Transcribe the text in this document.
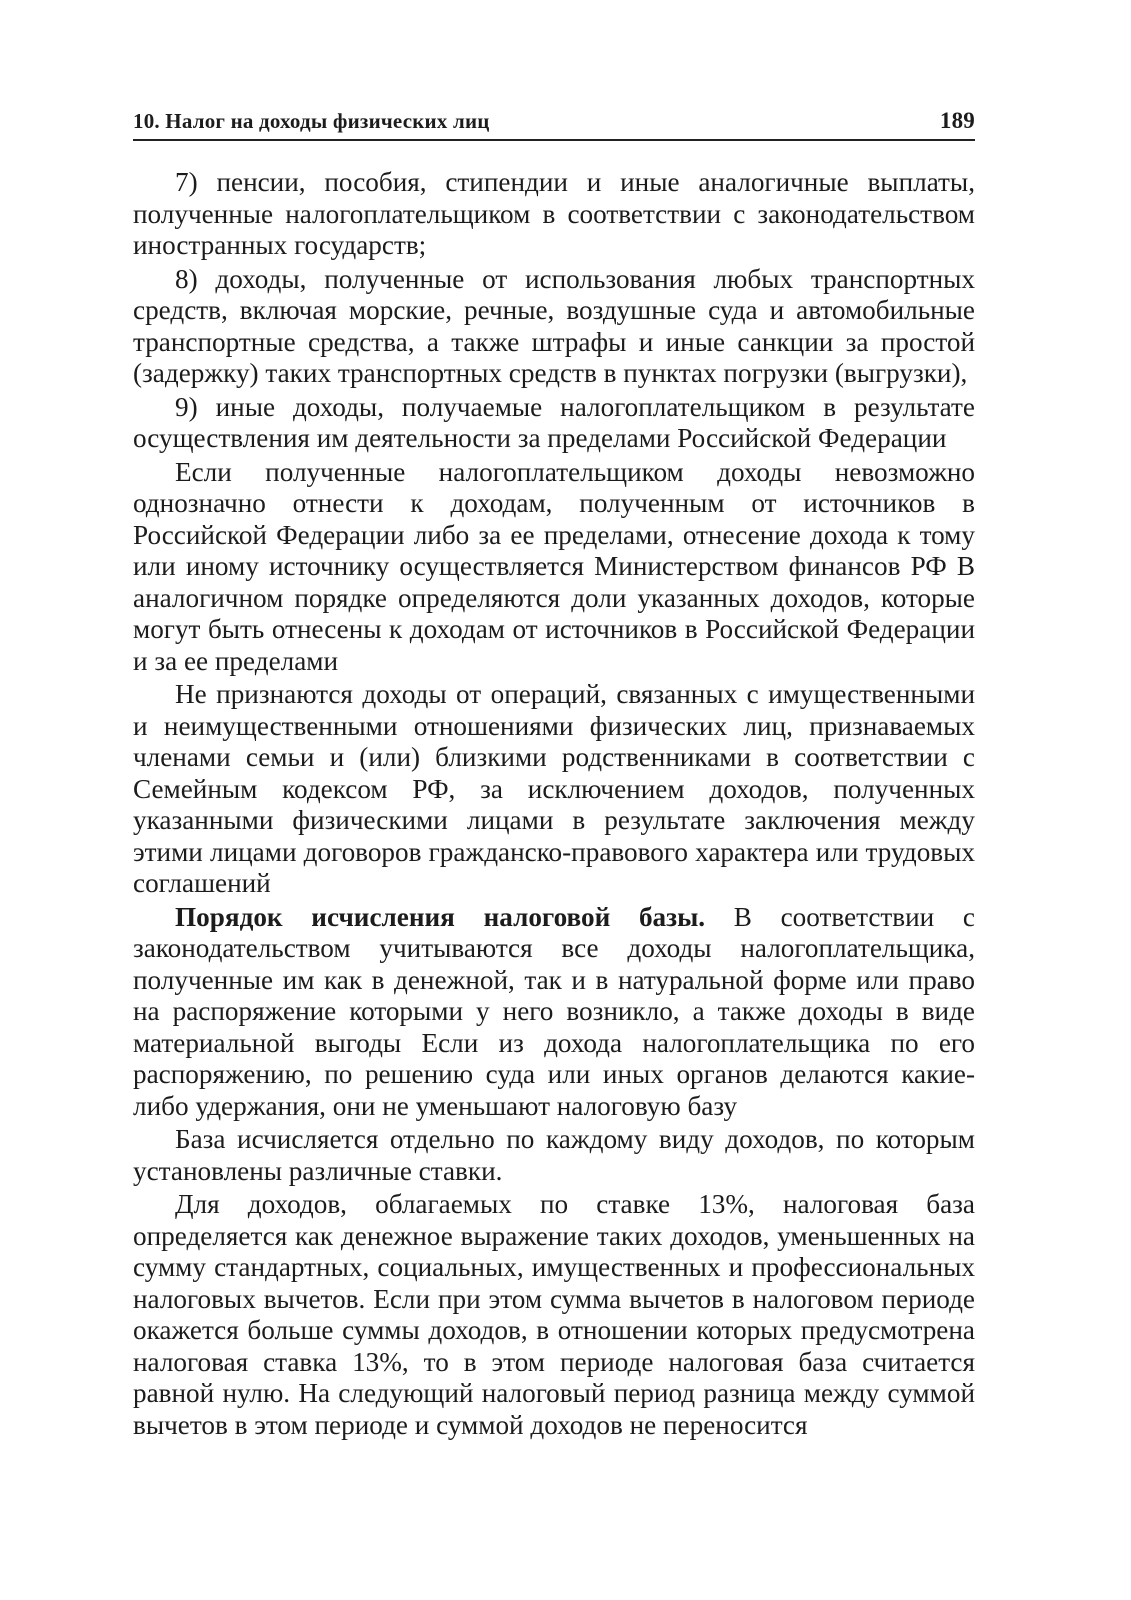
10. Налог на доходы физических лиц	189

7) пенсии, пособия, стипендии и иные аналогичные выплаты, полученные налогоплательщиком в соответствии с законодательством иностранных государств;

8) доходы, полученные от использования любых транспортных средств, включая морские, речные, воздушные суда и автомобильные транспортные средства, а также штрафы и иные санкции за простой (задержку) таких транспортных средств в пунктах погрузки (выгрузки),

9) иные доходы, получаемые налогоплательщиком в результате осуществления им деятельности за пределами Российской Федерации

Если полученные налогоплательщиком доходы невозможно однозначно отнести к доходам, полученным от источников в Российской Федерации либо за ее пределами, отнесение дохода к тому или иному источнику осуществляется Министерством финансов РФ В аналогичном порядке определяются доли указанных доходов, которые могут быть отнесены к доходам от источников в Российской Федерации и за ее пределами

Не признаются доходы от операций, связанных с имущественными и неимущественными отношениями физических лиц, признаваемых членами семьи и (или) близкими родственниками в соответствии с Семейным кодексом РФ, за исключением доходов, полученных указанными физическими лицами в результате заключения между этими лицами договоров гражданско-правового характера или трудовых соглашений

Порядок исчисления налоговой базы. В соответствии с законодательством учитываются все доходы налогоплательщика, полученные им как в денежной, так и в натуральной форме или право на распоряжение которыми у него возникло, а также доходы в виде материальной выгоды Если из дохода налогоплательщика по его распоряжению, по решению суда или иных органов делаются какие-либо удержания, они не уменьшают налоговую базу

База исчисляется отдельно по каждому виду доходов, по которым установлены различные ставки.

Для доходов, облагаемых по ставке 13%, налоговая база определяется как денежное выражение таких доходов, уменьшенных на сумму стандартных, социальных, имущественных и профессиональных налоговых вычетов. Если при этом сумма вычетов в налоговом периоде окажется больше суммы доходов, в отношении которых предусмотрена налоговая ставка 13%, то в этом периоде налоговая база считается равной нулю. На следующий налоговый период разница между суммой вычетов в этом периоде и суммой доходов не переносится
